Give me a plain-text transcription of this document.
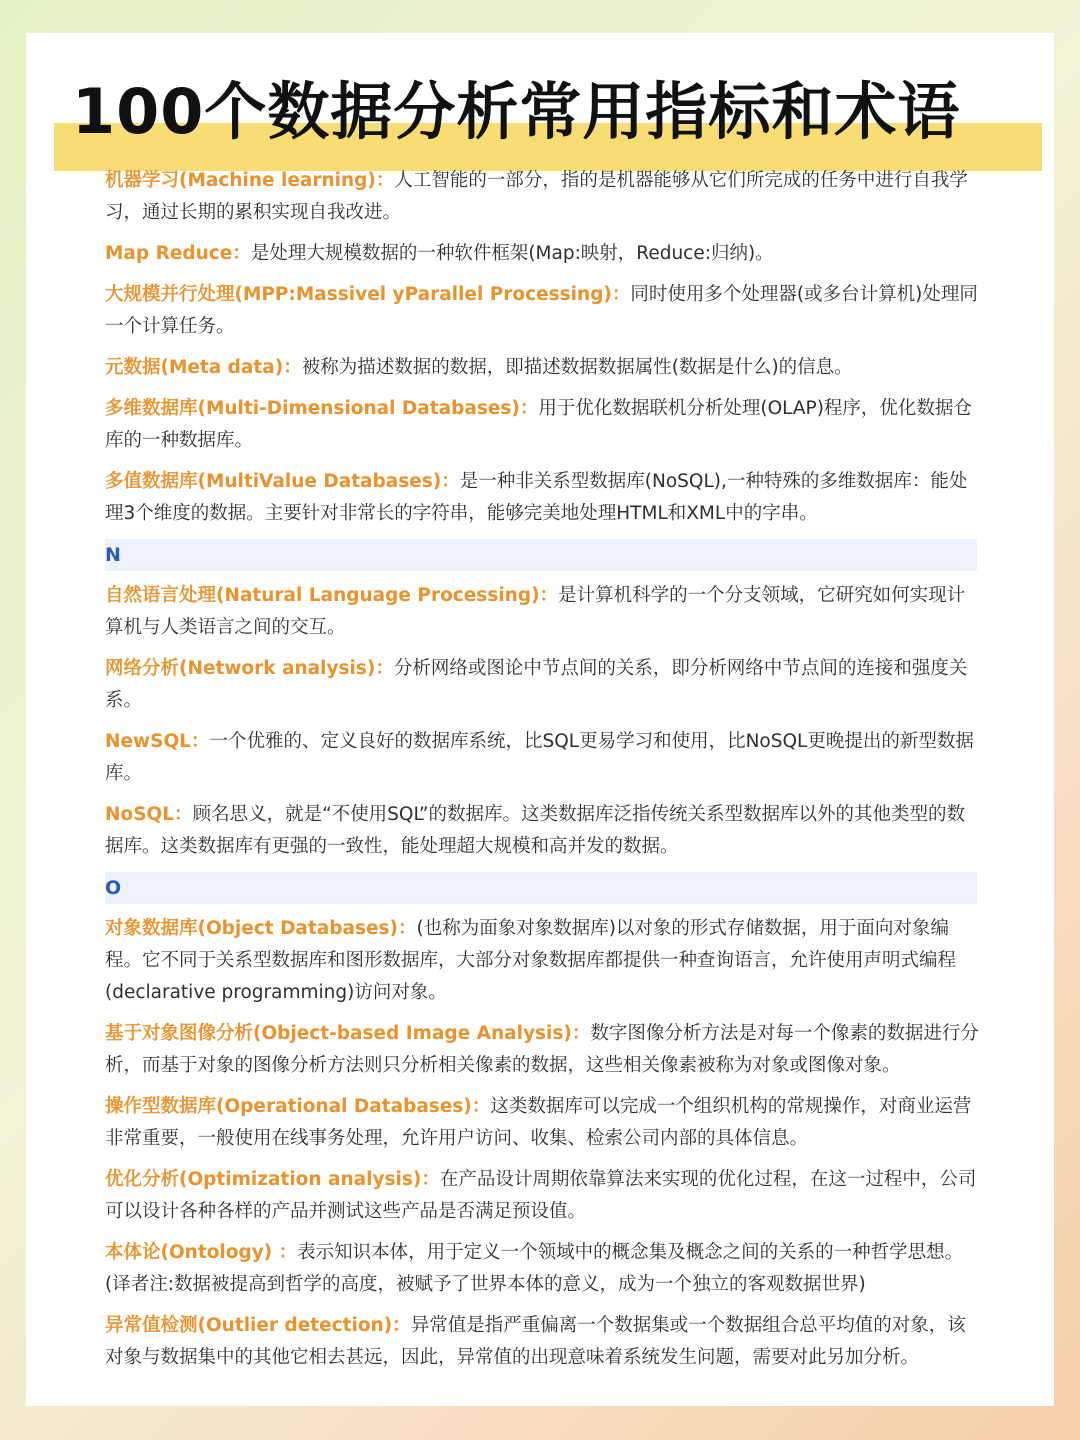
100个数据分析常用指标和术语

机器学习(Machine learning)：人工智能的一部分，指的是机器能够从它们所完成的任务中进行自我学习，通过长期的累积实现自我改进。

Map Reduce：是处理大规模数据的一种软件框架(Map:映射，Reduce:归纳)。

大规模并行处理(MPP:Massivel yParallel Processing)：同时使用多个处理器(或多台计算机)处理同一个计算任务。

元数据(Meta data)：被称为描述数据的数据，即描述数据数据属性(数据是什么)的信息。

多维数据库(Multi-Dimensional Databases)：用于优化数据联机分析处理(OLAP)程序，优化数据仓库的一种数据库。

多值数据库(MultiValue Databases)：是一种非关系型数据库(NoSQL),一种特殊的多维数据库：能处理3个维度的数据。主要针对非常长的字符串，能够完美地处理HTML和XML中的字串。

N

自然语言处理(Natural Language Processing)：是计算机科学的一个分支领域，它研究如何实现计算机与人类语言之间的交互。

网络分析(Network analysis)：分析网络或图论中节点间的关系，即分析网络中节点间的连接和强度关系。

NewSQL：一个优雅的、定义良好的数据库系统，比SQL更易学习和使用，比NoSQL更晚提出的新型数据库。

NoSQL：顾名思义，就是“不使用SQL”的数据库。这类数据库泛指传统关系型数据库以外的其他类型的数据库。这类数据库有更强的一致性，能处理超大规模和高并发的数据。

O

对象数据库(Object Databases)：(也称为面象对象数据库)以对象的形式存储数据，用于面向对象编程。它不同于关系型数据库和图形数据库，大部分对象数据库都提供一种查询语言，允许使用声明式编程(declarative programming)访问对象。

基于对象图像分析(Object-based Image Analysis)：数字图像分析方法是对每一个像素的数据进行分析，而基于对象的图像分析方法则只分析相关像素的数据，这些相关像素被称为对象或图像对象。

操作型数据库(Operational Databases)：这类数据库可以完成一个组织机构的常规操作，对商业运营非常重要，一般使用在线事务处理，允许用户访问、收集、检索公司内部的具体信息。

优化分析(Optimization analysis)：在产品设计周期依靠算法来实现的优化过程，在这一过程中，公司可以设计各种各样的产品并测试这些产品是否满足预设值。

本体论(Ontology) ：表示知识本体，用于定义一个领域中的概念集及概念之间的关系的一种哲学思想。(译者注:数据被提高到哲学的高度，被赋予了世界本体的意义，成为一个独立的客观数据世界)

异常值检测(Outlier detection)：异常值是指严重偏离一个数据集或一个数据组合总平均值的对象，该对象与数据集中的其他它相去甚远，因此，异常值的出现意味着系统发生问题，需要对此另加分析。
